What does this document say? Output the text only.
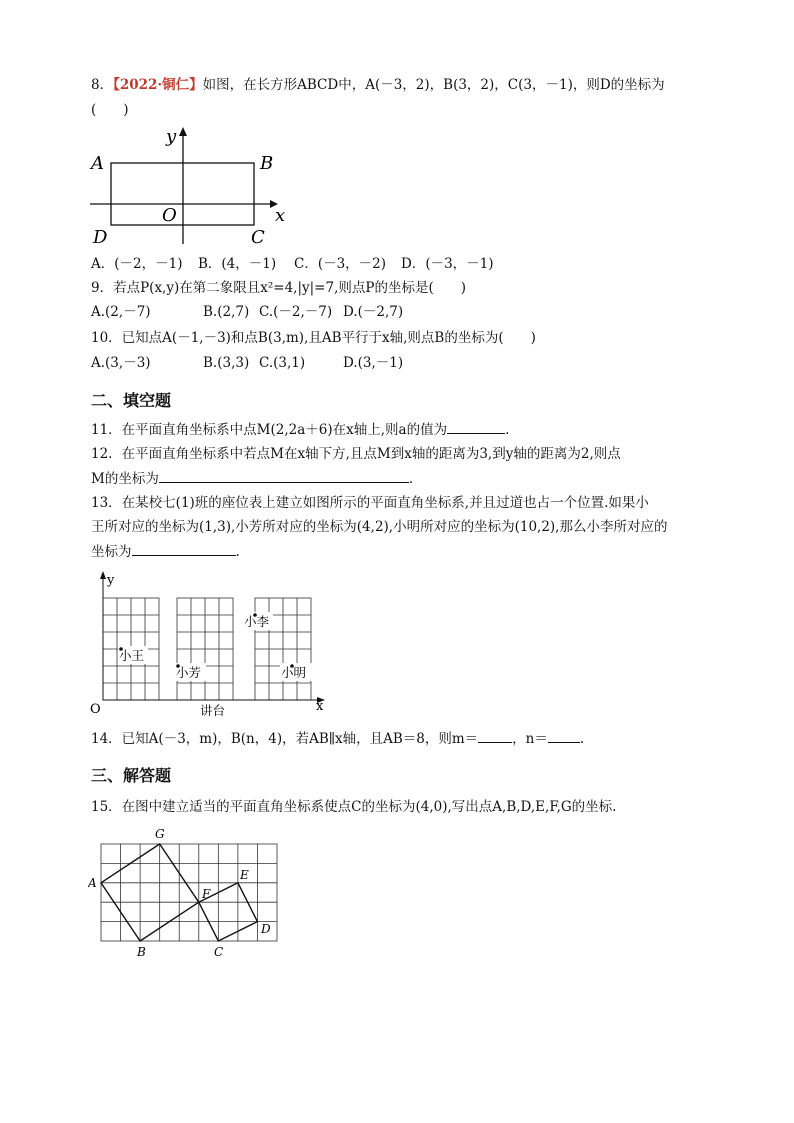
8．【2022·铜仁】如图，在长方形ABCD中，A(－3，2)，B(3，2)，C(3，－1)，则D的坐标为
(　　)
A	B
C
D
O	x
y
A．(－2，－1) B．(4，－1) C．(－3，－2) D．(－3，－1)
9．若点P(x,y)在第二象限且x²=4,|y|=7,则点P的坐标是(　　)
A.(2,－7)	B.(2,7) C.(－2,－7) D.(－2,7)
10．已知点A(－1,－3)和点B(3,m),且AB平行于x轴,则点B的坐标为(　　)
A.(3,－3)	B.(3,3) C.(3,1)	D.(3,－1)
二、填空题
11．在平面直角坐标系中点M(2,2a＋6)在x轴上,则a的值为	.
12．在平面直角坐标系中若点M在x轴下方,且点M到x轴的距离为3,到y轴的距离为2,则点
M的坐标为	.
13．在某校七(1)班的座位表上建立如图所示的平面直角坐标系,并且过道也占一个位置.如果小
王所对应的坐标为(1,3),小芳所对应的坐标为(4,2),小明所对应的坐标为(10,2),那么小李所对应的
坐标为	.
小王
小芳
小李
小明
y
x
O	讲台
14．已知A(－3，m)，B(n，4)，若AB∥x轴，且AB＝8，则m＝	，n＝ .
三、解答题
15．在图中建立适当的平面直角坐标系使点C的坐标为(4,0),写出点A,B,D,E,F,G的坐标.
A
B	C
D
E
F
G
